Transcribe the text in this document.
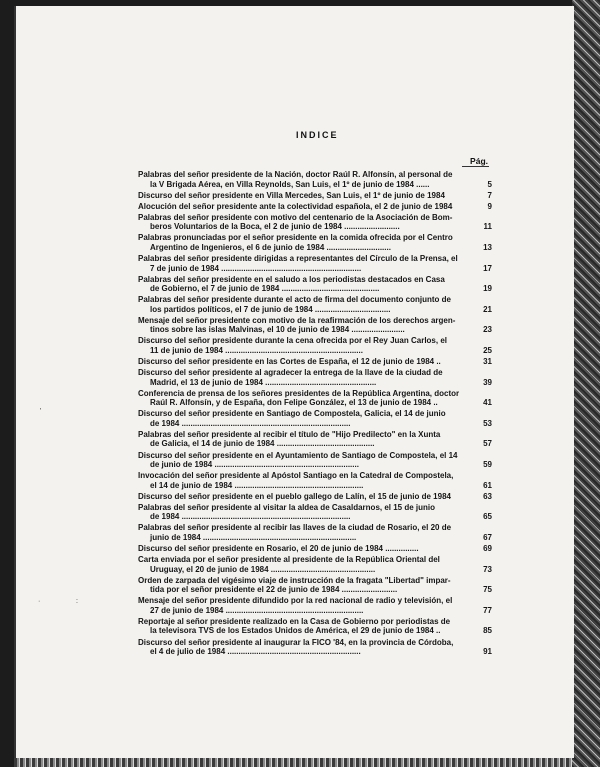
INDICE
Pág.
'
·	:
Palabras del señor presidente de la Nación, doctor Raúl R. Alfonsín, al personal de
la V Brigada Aérea, en Villa Reynolds, San Luis, el 1º de junio de 1984 ......	5
Discurso del señor presidente en Villa Mercedes, San Luis, el 1º de junio de 1984	7
Alocución del señor presidente ante la colectividad española, el 2 de junio de 1984	9
Palabras del señor presidente con motivo del centenario de la Asociación de Bom-
beros Voluntarios de la Boca, el 2 de junio de 1984 .........................	11
Palabras pronunciadas por el señor presidente en la comida ofrecida por el Centro
Argentino de Ingenieros, el 6 de junio de 1984 .............................	13
Palabras del señor presidente dirigidas a representantes del Círculo de la Prensa, el
7 de junio de 1984 ...............................................................	17
Palabras del señor presidente en el saludo a los periodistas destacados en Casa
de Gobierno, el 7 de junio de 1984 ............................................	19
Palabras del señor presidente durante el acto de firma del documento conjunto de
los partidos políticos, el 7 de junio de 1984 ..................................	21
Mensaje del señor presidente con motivo de la reafirmación de los derechos argen-
tinos sobre las islas Malvinas, el 10 de junio de 1984 ........................	23
Discurso del señor presidente durante la cena ofrecida por el Rey Juan Carlos, el
11 de junio de 1984 ..............................................................	25
Discurso del señor presidente en las Cortes de España, el 12 de junio de 1984 ..	31
Discurso del señor presidente al agradecer la entrega de la llave de la ciudad de
Madrid, el 13 de junio de 1984 ..................................................	39
Conferencia de prensa de los señores presidentes de la República Argentina, doctor
Raúl R. Alfonsín, y de España, don Felipe González, el 13 de junio de 1984 ..	41
Discurso del señor presidente en Santiago de Compostela, Galicia, el 14 de junio
de 1984 ............................................................................	53
Palabras del señor presidente al recibir el título de "Hijo Predilecto" en la Xunta
de Galicia, el 14 de junio de 1984 ............................................	57
Discurso del señor presidente en el Ayuntamiento de Santiago de Compostela, el 14
de junio de 1984 .................................................................	59
Invocación del señor presidente al Apóstol Santiago en la Catedral de Compostela,
el 14 de junio de 1984 ..........................................................	61
Discurso del señor presidente en el pueblo gallego de Lalín, el 15 de junio de 1984	63
Palabras del señor presidente al visitar la aldea de Casaldarnos, el 15 de junio
de 1984 ............................................................................	65
Palabras del señor presidente al recibir las llaves de la ciudad de Rosario, el 20 de
junio de 1984 .....................................................................	67
Discurso del señor presidente en Rosario, el 20 de junio de 1984 ...............	69
Carta enviada por el señor presidente al presidente de la República Oriental del
Uruguay, el 20 de junio de 1984 ...............................................	73
Orden de zarpada del vigésimo viaje de instrucción de la fragata "Libertad" impar-
tida por el señor presidente el 22 de junio de 1984 .........................	75
Mensaje del señor presidente difundido por la red nacional de radio y televisión, el
27 de junio de 1984 ..............................................................	77
Reportaje al señor presidente realizado en la Casa de Gobierno por periodistas de
la televisora TVS de los Estados Unidos de América, el 29 de junio de 1984 ..	85
Discurso del señor presidente al inaugurar la FICO '84, en la provincia de Córdoba,
el 4 de julio de 1984 ............................................................	91
